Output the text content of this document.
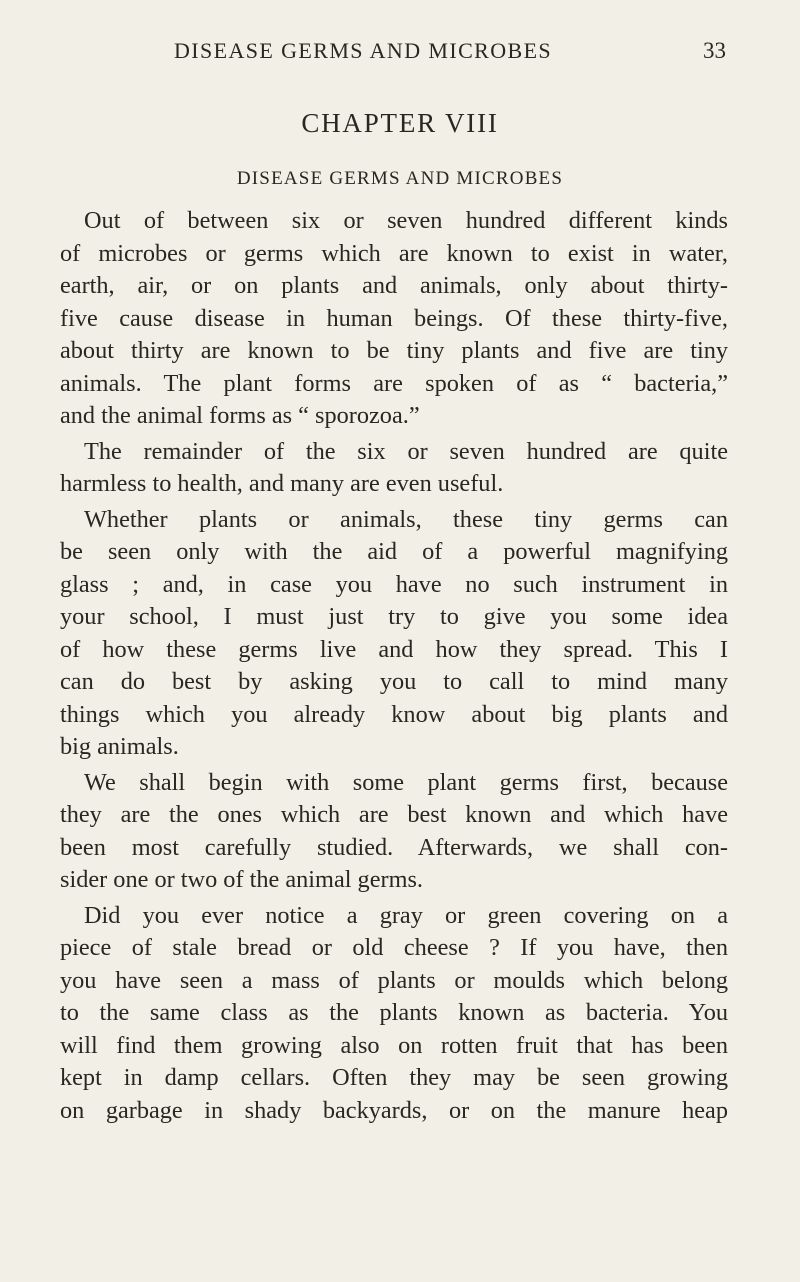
DISEASE GERMS AND MICROBES	33
CHAPTER VIII
DISEASE GERMS AND MICROBES
Out of between six or seven hundred different kinds
of microbes or germs which are known to exist in water,
earth, air, or on plants and animals, only about thirty-
five cause disease in human beings. Of these thirty-five,
about thirty are known to be tiny plants and five are tiny
animals. The plant forms are spoken of as “ bacteria,”
and the animal forms as “ sporozoa.”
The remainder of the six or seven hundred are quite
harmless to health, and many are even useful.
Whether plants or animals, these tiny germs can
be seen only with the aid of a powerful magnifying
glass ; and, in case you have no such instrument in
your school, I must just try to give you some idea
of how these germs live and how they spread. This I
can do best by asking you to call to mind many
things which you already know about big plants and
big animals.
We shall begin with some plant germs first, because
they are the ones which are best known and which have
been most carefully studied. Afterwards, we shall con-
sider one or two of the animal germs.
Did you ever notice a gray or green covering on a
piece of stale bread or old cheese ? If you have, then
you have seen a mass of plants or moulds which belong
to the same class as the plants known as bacteria. You
will find them growing also on rotten fruit that has been
kept in damp cellars. Often they may be seen growing
on garbage in shady backyards, or on the manure heap
